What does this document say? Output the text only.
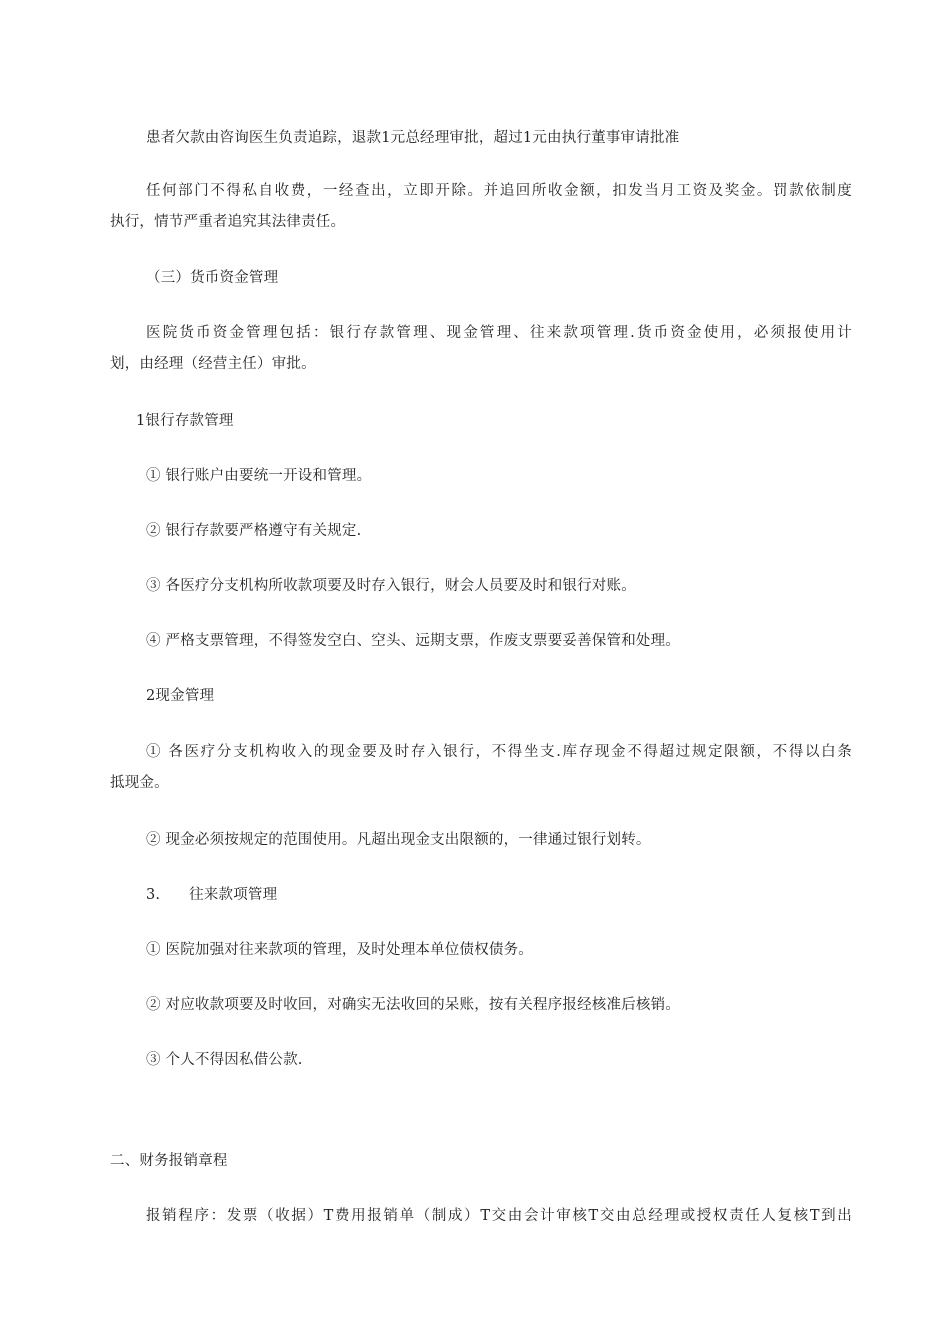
患者欠款由咨询医生负责追踪，退款1元总经理审批，超过1元由执行董事审请批准
任何部门不得私自收费，一经查出，立即开除。并追回所收金额，扣发当月工资及奖金。罚款依制度
执行，情节严重者追究其法律责任。
（三）货币资金管理
医院货币资金管理包括：银行存款管理、现金管理、往来款项管理.货币资金使用，必须报使用计
划，由经理（经营主任）审批。
1银行存款管理
① 银行账户由要统一开设和管理。
② 银行存款要严格遵守有关规定.
③ 各医疗分支机构所收款项要及时存入银行，财会人员要及时和银行对账。
④ 严格支票管理，不得签发空白、空头、远期支票，作废支票要妥善保管和处理。
2现金管理
① 各医疗分支机构收入的现金要及时存入银行，不得坐支.库存现金不得超过规定限额，不得以白条
抵现金。
② 现金必须按规定的范围使用。凡超出现金支出限额的，一律通过银行划转。
3.      往来款项管理
① 医院加强对往来款项的管理，及时处理本单位债权债务。
② 对应收款项要及时收回，对确实无法收回的呆账，按有关程序报经核准后核销。
③ 个人不得因私借公款.
二、财务报销章程
报销程序：发票（收据）T费用报销单（制成）T交由会计审核T交由总经理或授权责任人复核T到出
